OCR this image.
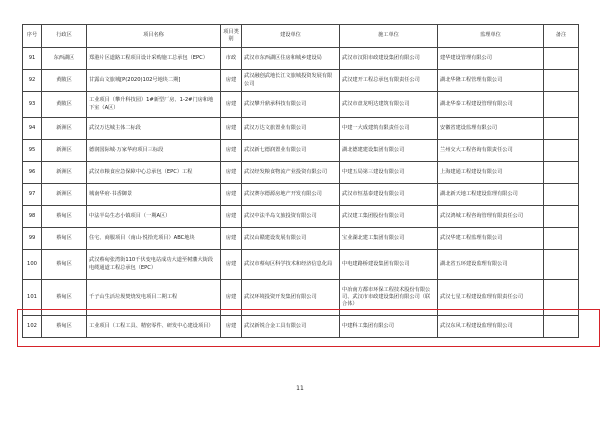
序号	行政区	项目名称	项目类别	建设单位	施工单位	监理单位	备注
91	东西湖区	郑港片区道路工程项目设计采购施工总承包（EPC）	市政	武汉市东西湖区住房和城乡建设局	武汉市汉阳市政建设集团有限公司	建华建设管理有限公司	
92	黄陂区	甘露山文旅城[P(2020)102号地块二期]	房建	武汉融创武地长江文旅城投资发展有限公司	武汉建开工程总承包有限责任公司	湖北华隆工程管理有限公司	
93	黄陂区	工业项目（攀升科技园）1#新型厂房、1-2#门房和地下室（A区）	房建	武汉攀升鼎承科技有限公司	武汉市盘龙明达建筑有限公司	湖北华泰工程建设管理有限公司	
94	新洲区	武汉万达城主体二标段	房建	武汉万达文旅置业有限公司	中建一大成建筑有限责任公司	安徽省建设监理有限公司	
95	新洲区	德润国际城·万家华府项目三标段	房建	武汉新七德润置业有限公司	湖北德建建设集团有限公司	兰州交大工程咨询有限责任公司	
96	新洲区	武汉市粮食应急保障中心总承包（EPC）工程	房建	武汉经发粮食物流产业投资有限公司	中建五局第三建设有限公司	上海建通工程建设有限公司	
97	新洲区	城南华府·书香御景	房建	武汉赛尔德源房地产开发有限公司	武汉市恒基泰建设有限公司	湖北新天地工程建设监理有限公司	
98	蔡甸区	中法半岛生态小镇项目（一期A区）	房建	武汉中法半岛文旅投资有限公司	武汉建工集团股份有限公司	武汉鸿城工程咨询管理有限责任公司	
99	蔡甸区	住宅、商服项目（南山·悦拾光项目）ABC地块	房建	武汉山赣建设发展有限公司	宝业湖北建工集团有限公司	武汉华建工程监理有限公司	
100	蔡甸区	武汉蔡甸张湾街110千伏变电站成功大道至树藩大街段电缆通道工程总承包（EPC）	房建	武汉市蔡甸区科学技术和经济信息化局	中电建路桥建设集团有限公司	湖北省五环建设监理有限公司	
101	蔡甸区	千子山生活垃圾焚烧发电项目二期工程	房建	武汉环境投资开发集团有限公司	中冶南方都市环保工程技术股份有限公司、武汉市市政建设集团有限公司（联合体）	武汉七星工程建设监理有限责任公司	
102	蔡甸区	工业项目（工程工具、精密零件、研发中心建设项目）	房建	武汉新锐合金工具有限公司	中建科工集团有限公司	武汉东风工程建设监理有限公司	
11
